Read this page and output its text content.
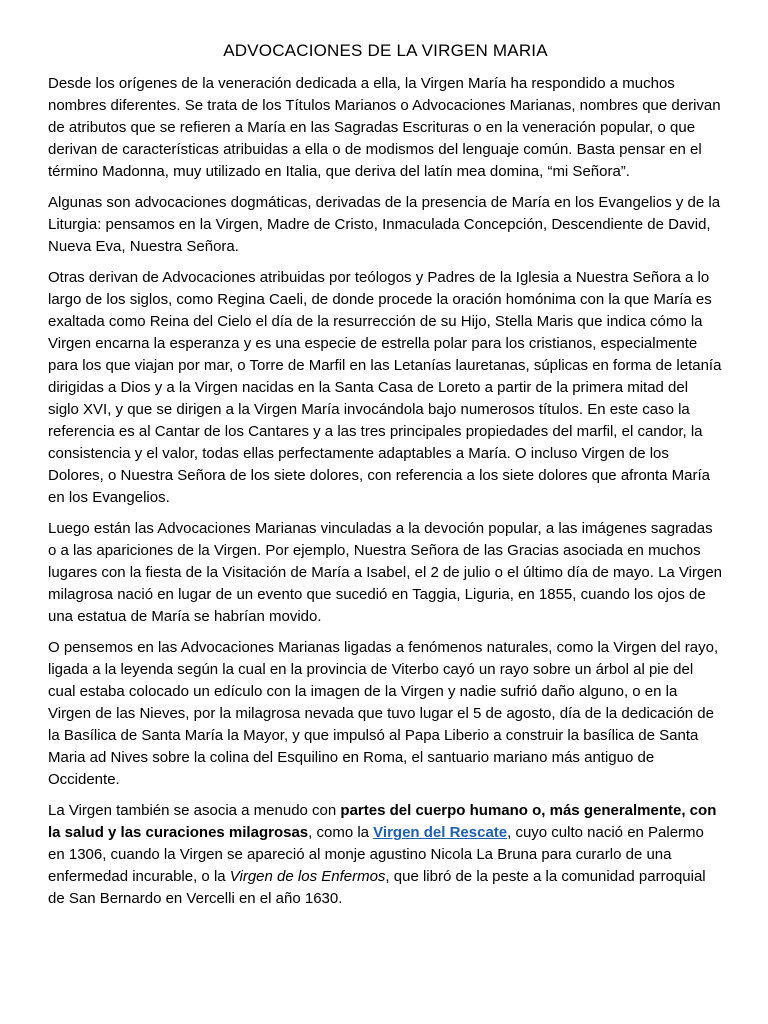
ADVOCACIONES DE LA VIRGEN MARIA

Desde los orígenes de la veneración dedicada a ella, la Virgen María ha respondido a muchos nombres diferentes. Se trata de los Títulos Marianos o Advocaciones Marianas, nombres que derivan de atributos que se refieren a María en las Sagradas Escrituras o en la veneración popular, o que derivan de características atribuidas a ella o de modismos del lenguaje común. Basta pensar en el término Madonna, muy utilizado en Italia, que deriva del latín mea domina, “mi Señora”.

Algunas son advocaciones dogmáticas, derivadas de la presencia de María en los Evangelios y de la Liturgia: pensamos en la Virgen, Madre de Cristo, Inmaculada Concepción, Descendiente de David, Nueva Eva, Nuestra Señora.

Otras derivan de Advocaciones atribuidas por teólogos y Padres de la Iglesia a Nuestra Señora a lo largo de los siglos, como Regina Caeli, de donde procede la oración homónima con la que María es exaltada como Reina del Cielo el día de la resurrección de su Hijo, Stella Maris que indica cómo la Virgen encarna la esperanza y es una especie de estrella polar para los cristianos, especialmente para los que viajan por mar, o Torre de Marfil en las Letanías lauretanas, súplicas en forma de letanía dirigidas a Dios y a la Virgen nacidas en la Santa Casa de Loreto a partir de la primera mitad del siglo XVI, y que se dirigen a la Virgen María invocándola bajo numerosos títulos. En este caso la referencia es al Cantar de los Cantares y a las tres principales propiedades del marfil, el candor, la consistencia y el valor, todas ellas perfectamente adaptables a María. O incluso Virgen de los Dolores, o Nuestra Señora de los siete dolores, con referencia a los siete dolores que afronta María en los Evangelios.

Luego están las Advocaciones Marianas vinculadas a la devoción popular, a las imágenes sagradas o a las apariciones de la Virgen. Por ejemplo, Nuestra Señora de las Gracias asociada en muchos lugares con la fiesta de la Visitación de María a Isabel, el 2 de julio o el último día de mayo. La Virgen milagrosa nació en lugar de un evento que sucedió en Taggia, Liguria, en 1855, cuando los ojos de una estatua de María se habrían movido.

O pensemos en las Advocaciones Marianas ligadas a fenómenos naturales, como la Virgen del rayo, ligada a la leyenda según la cual en la provincia de Viterbo cayó un rayo sobre un árbol al pie del cual estaba colocado un edículo con la imagen de la Virgen y nadie sufrió daño alguno, o en la Virgen de las Nieves, por la milagrosa nevada que tuvo lugar el 5 de agosto, día de la dedicación de la Basílica de Santa María la Mayor, y que impulsó al Papa Liberio a construir la basílica de Santa Maria ad Nives sobre la colina del Esquilino en Roma, el santuario mariano más antiguo de Occidente.

La Virgen también se asocia a menudo con partes del cuerpo humano o, más generalmente, con la salud y las curaciones milagrosas, como la Virgen del Rescate, cuyo culto nació en Palermo en 1306, cuando la Virgen se apareció al monje agustino Nicola La Bruna para curarlo de una enfermedad incurable, o la Virgen de los Enfermos, que libró de la peste a la comunidad parroquial de San Bernardo en Vercelli en el año 1630.
